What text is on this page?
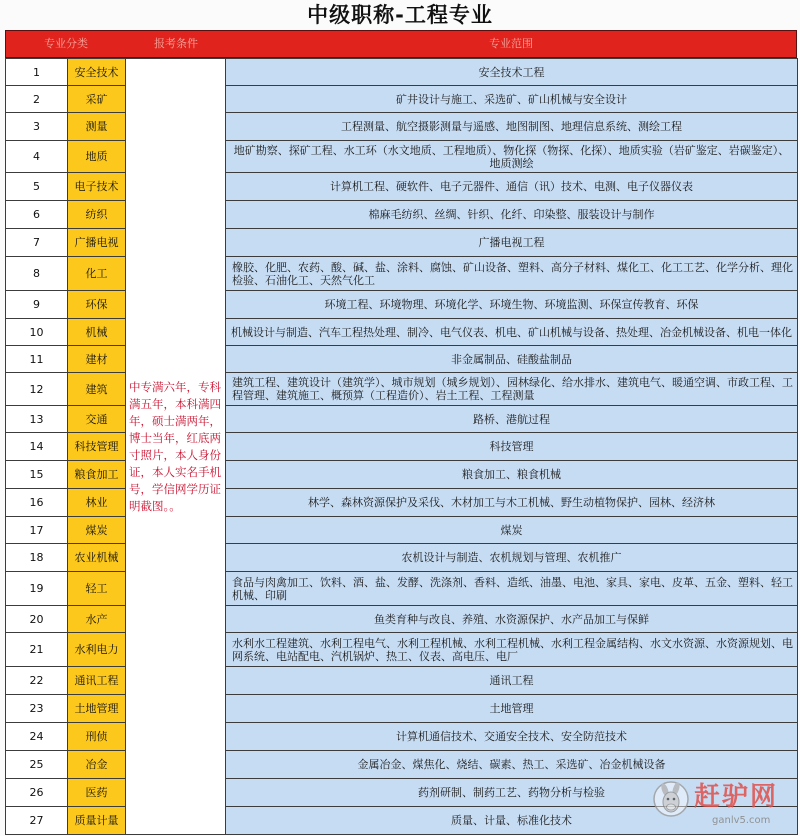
中级职称-工程专业
专业分类	报考条件	专业范围
1	安全技术	中专满六年，专科满五年，本科满四年，硕士满两年，博士当年，红底两寸照片，本人身份证，本人实名手机号，学信网学历证明截图。。	安全技术工程
2	采矿		矿井设计与施工、采选矿、矿山机械与安全设计
3	测量		工程测量、航空摄影测量与遥感、地图制图、地理信息系统、测绘工程
4	地质		地矿勘察、探矿工程、水工环（水文地质、工程地质）、物化探（物探、化探）、地质实验（岩矿鉴定、岩碳鉴定）、地质测绘
5	电子技术		计算机工程、硬软件、电子元器件、通信（讯）技术、电测、电子仪器仪表
6	纺织		棉麻毛纺织、丝绸、针织、化纤、印染整、服装设计与制作
7	广播电视		广播电视工程
8	化工		橡胶、化肥、农药、酸、碱、盐、涂料、腐蚀、矿山设备、塑料、高分子材料、煤化工、化工工艺、化学分析、理化检验、石油化工、天然气化工
9	环保		环境工程、环境物理、环境化学、环境生物、环境监测、环保宣传教育、环保
10	机械		机械设计与制造、汽车工程热处理、制冷、电气仪表、机电、矿山机械与设备、热处理、冶金机械设备、机电一体化
11	建材		非金属制品、硅酸盐制品
12	建筑		建筑工程、建筑设计（建筑学）、城市规划（城乡规划）、园林绿化、给水排水、建筑电气、暖通空调、市政工程、工程管理、建筑施工、概预算（工程造价）、岩土工程、工程测量
13	交通		路桥、港航过程
14	科技管理		科技管理
15	粮食加工		粮食加工、粮食机械
16	林业		林学、森林资源保护及采伐、木材加工与木工机械、野生动植物保护、园林、经济林
17	煤炭		煤炭
18	农业机械		农机设计与制造、农机规划与管理、农机推广
19	轻工		食品与肉禽加工、饮料、酒、盐、发酵、洗涤剂、香料、造纸、油墨、电池、家具、家电、皮革、五金、塑料、轻工机械、印刷
20	水产		鱼类育种与改良、养殖、水资源保护、水产品加工与保鲜
21	水利电力		水利水工程建筑、水利工程电气、水利工程机械、水利工程机械、水利工程金属结构、水文水资源、水资源规划、电网系统、电站配电、汽机锅炉、热工、仪表、高电压、电厂
22	通讯工程		通讯工程
23	土地管理		土地管理
24	刑侦		计算机通信技术、交通安全技术、安全防范技术
25	冶金		金属冶金、煤焦化、烧结、碳素、热工、采选矿、冶金机械设备
26	医药		药剂研制、制药工艺、药物分析与检验
27	质量计量		质量、计量、标准化技术
赶驴网
ganlv5.com
